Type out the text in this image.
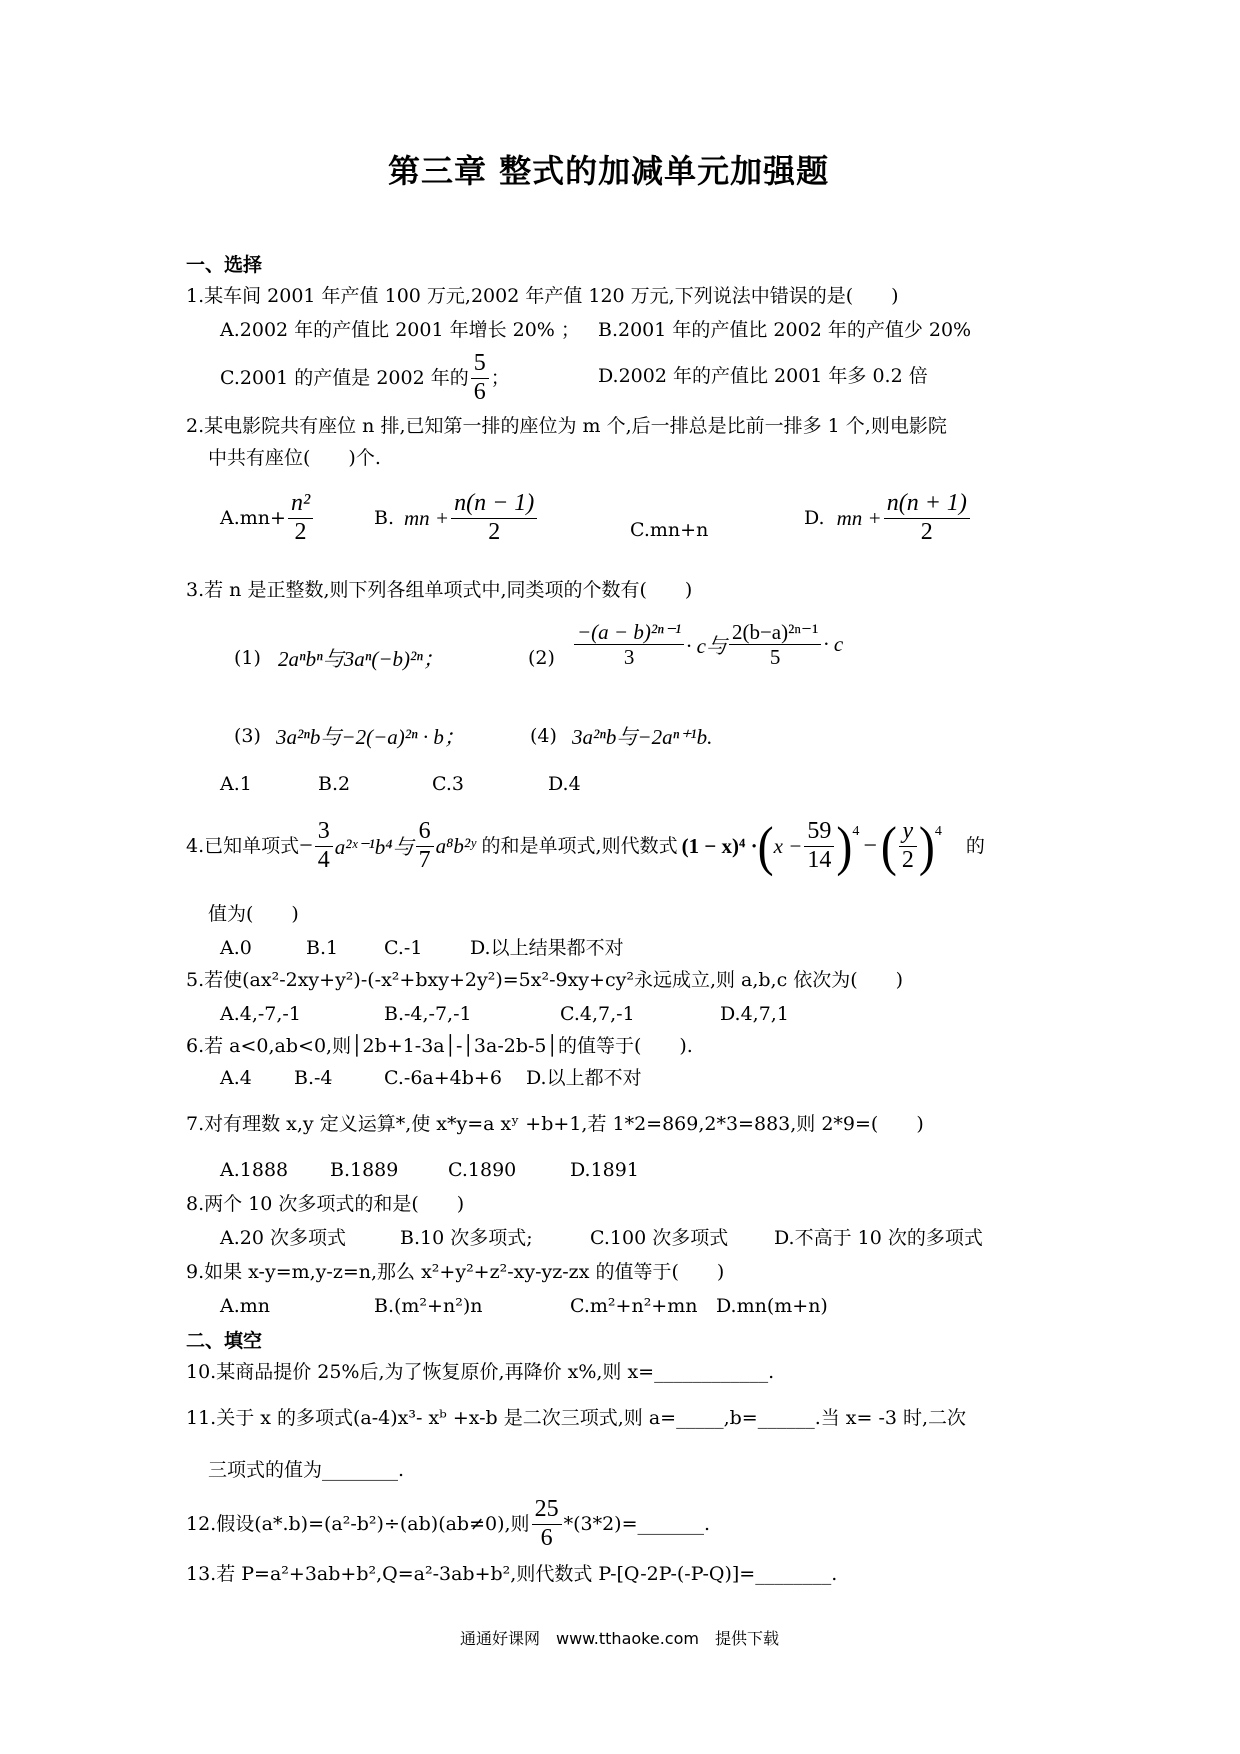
第三章 整式的加减单元加强题
一、选择
1.某车间 2001 年产值 100 万元,2002 年产值 120 万元,下列说法中错误的是(　　)
A.2002 年的产值比 2001 年增长 20% ； B.2001 年的产值比 2002 年的产值少 20%
C.2001 的产值是 2002 年的 $\frac{5}{6}$ ；	D.2002 年的产值比 2001 年多 0.2 倍
2.某电影院共有座位 n 排,已知第一排的座位为 m 个,后一排总是比前一排多 1 个,则电影院
中共有座位(　　)个.
$A.mn+ \frac{\text{n²}}{2}$	B. mn + $\frac{n(n - 1)}{2}$	C.mn+n
D. mn + $\frac{n(n + 1)}{2}$
3.若 n 是正整数,则下列各组单项式中,同类项的个数有(　　)
(1) 2aⁿbⁿ与3aⁿ(−b)²ⁿ；	$(2) \frac{\text{−(a − b)²ⁿ⁻¹}}{3} \cdot c$与 $\frac{\text{2(b−a)²ⁿ⁻¹}}{5} \cdot c$
(3) 3a²ⁿb与−2(−a)²ⁿ · b；	(4) 3a²ⁿb与−2aⁿ⁺¹b.
A.1	B.2	C.3	D.4
4.已知单项式 − $\frac{3}{4}$ a²ˣ⁻¹b⁴与 $\frac{6}{7}$ a⁸b²ʸ 的和是单项式,则代数式 (1 − x)⁴ · ( $x - \frac{59}{14}$ ) 4
− ( $\frac{y}{2}$ ) 4
的
值为(　　)
A.0	B.1 C.-1	D.以上结果都不对
5.若使(ax²-2xy+y²)-(-x²+bxy+2y²)=5x²-9xy+cy²永远成立,则 a,b,c 依次为(　　)
A.4,-7,-1	B.-4,-7,-1	C.4,7,-1	D.4,7,1
6.若 a<0,ab<0,则│2b+1-3a│-│3a-2b-5│的值等于(　　).
A.4 B.-4	C.-6a+4b+6 D.以上都不对
7.对有理数 x,y 定义运算*,使 x*y=a xʸ +b+1,若 1*2=869,2*3=883,则 2*9=(　　)
A.1888 B.1889	C.1890	D.1891
8.两个 10 次多项式的和是(　　)
A.20 次多项式	B.10 次多项式;	C.100 次多项式 D.不高于 10 次的多项式
9.如果 x-y=m,y-z=n,那么 x²+y²+z²-xy-yz-zx 的值等于(　　)
A.mn	B.(m²+n²)n	C.m²+n²+mn D.mn(m+n)
二、填空
10.某商品提价 25%后,为了恢复原价,再降价 x%,则 x=____________.
11.关于 x 的多项式(a-4)x³- xᵇ +x-b 是二次三项式,则 a=_____,b=______.当 x= -3 时,二次
三项式的值为________.
12.假设(a*.b)=(a²-b²)÷(ab)(ab≠0),则 $\frac{25}{6}$ *(3*2)=_______.
13.若 P=a²+3ab+b²,Q=a²-3ab+b²,则代数式 P-[Q-2P-(-P-Q)]=________.
通通好课网　www.tthaoke.com　提供下载
